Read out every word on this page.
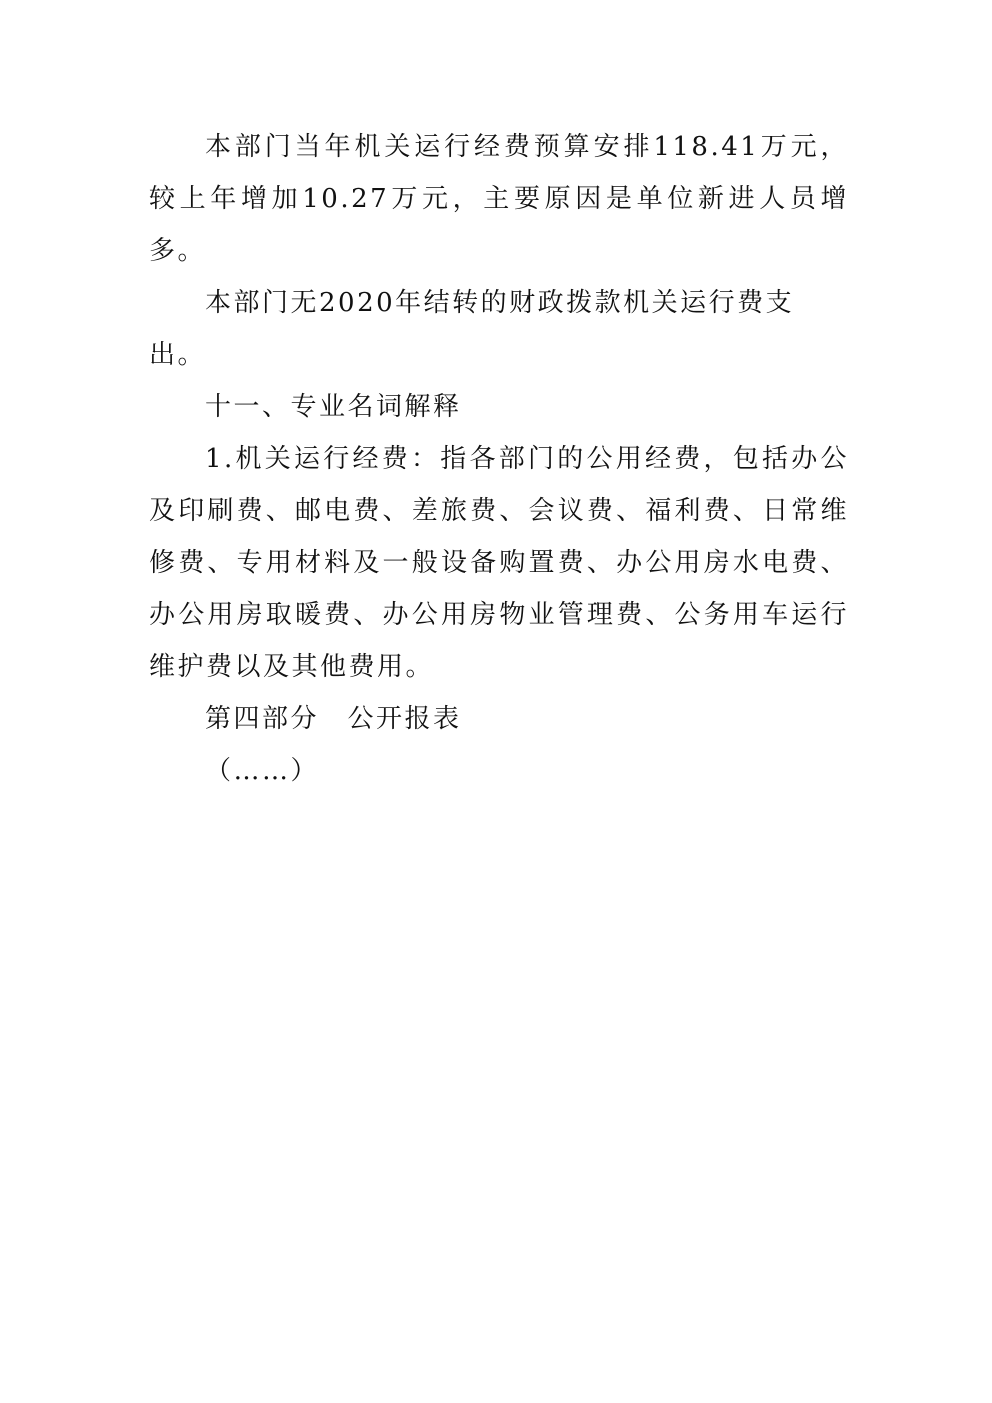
本部门当年机关运行经费预算安排118.41万元，较上年增加10.27万元，主要原因是单位新进人员增多。

本部门无2020年结转的财政拨款机关运行费支出。

十一、专业名词解释

1.机关运行经费：指各部门的公用经费，包括办公及印刷费、邮电费、差旅费、会议费、福利费、日常维修费、专用材料及一般设备购置费、办公用房水电费、办公用房取暖费、办公用房物业管理费、公务用车运行维护费以及其他费用。

第四部分　公开报表

（……）
